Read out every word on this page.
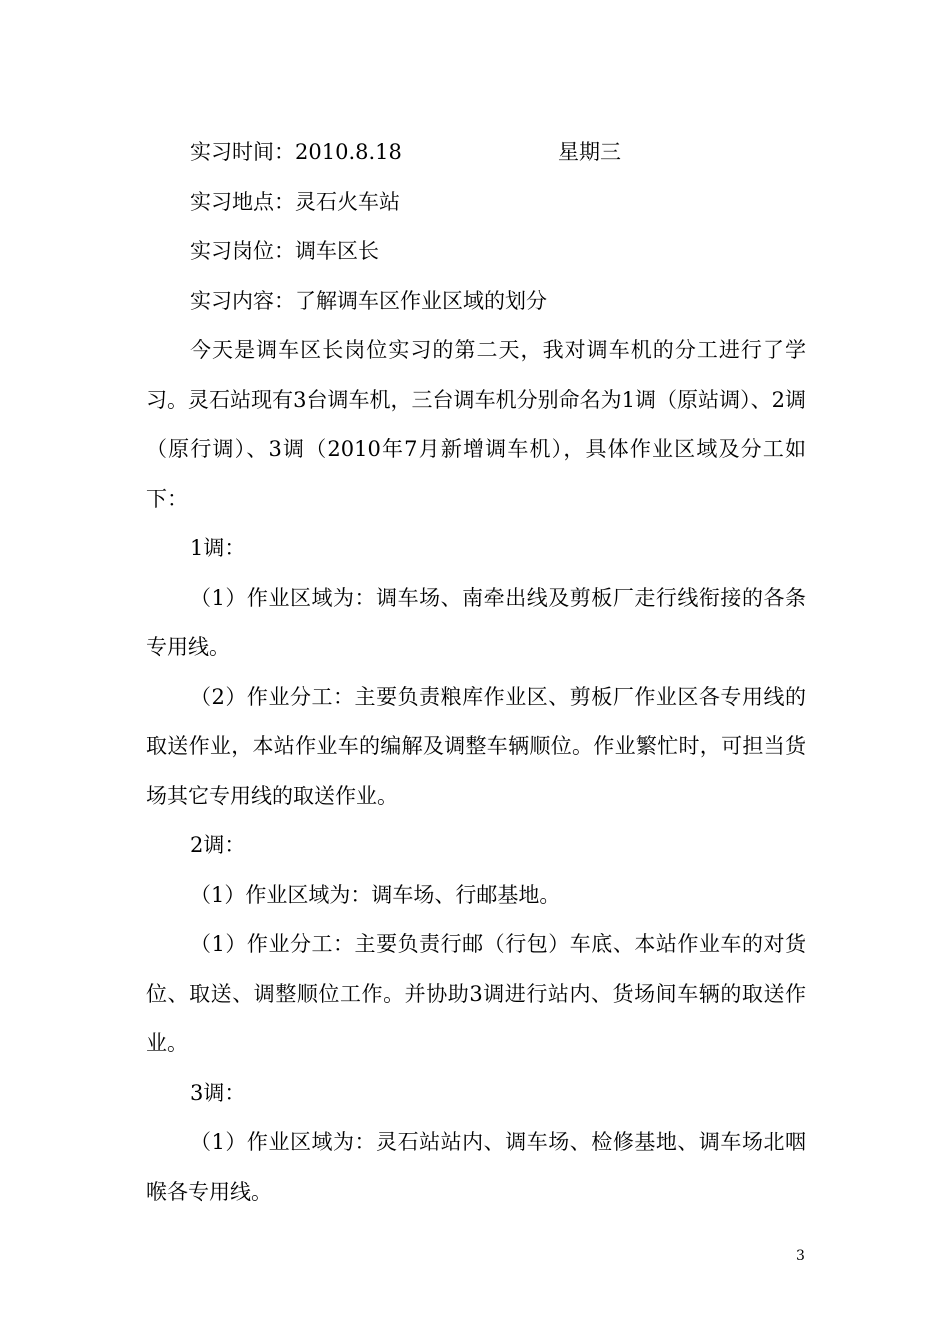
实习时间：2010.8.18	星期三

实习地点：灵石火车站

实习岗位：调车区长

实习内容：了解调车区作业区域的划分

今天是调车区长岗位实习的第二天，我对调车机的分工进行了学习。灵石站现有3台调车机，三台调车机分别命名为1调（原站调）、2调（原行调）、3调（2010年7月新增调车机），具体作业区域及分工如下：

1调：

（1）作业区域为：调车场、南牵出线及剪板厂走行线衔接的各条专用线。

（2）作业分工：主要负责粮库作业区、剪板厂作业区各专用线的取送作业，本站作业车的编解及调整车辆顺位。作业繁忙时，可担当货场其它专用线的取送作业。

2调：

（1）作业区域为：调车场、行邮基地。

（1）作业分工：主要负责行邮（行包）车底、本站作业车的对货位、取送、调整顺位工作。并协助3调进行站内、货场间车辆的取送作业。

3调：

（1）作业区域为：灵石站站内、调车场、检修基地、调车场北咽喉各专用线。

3
